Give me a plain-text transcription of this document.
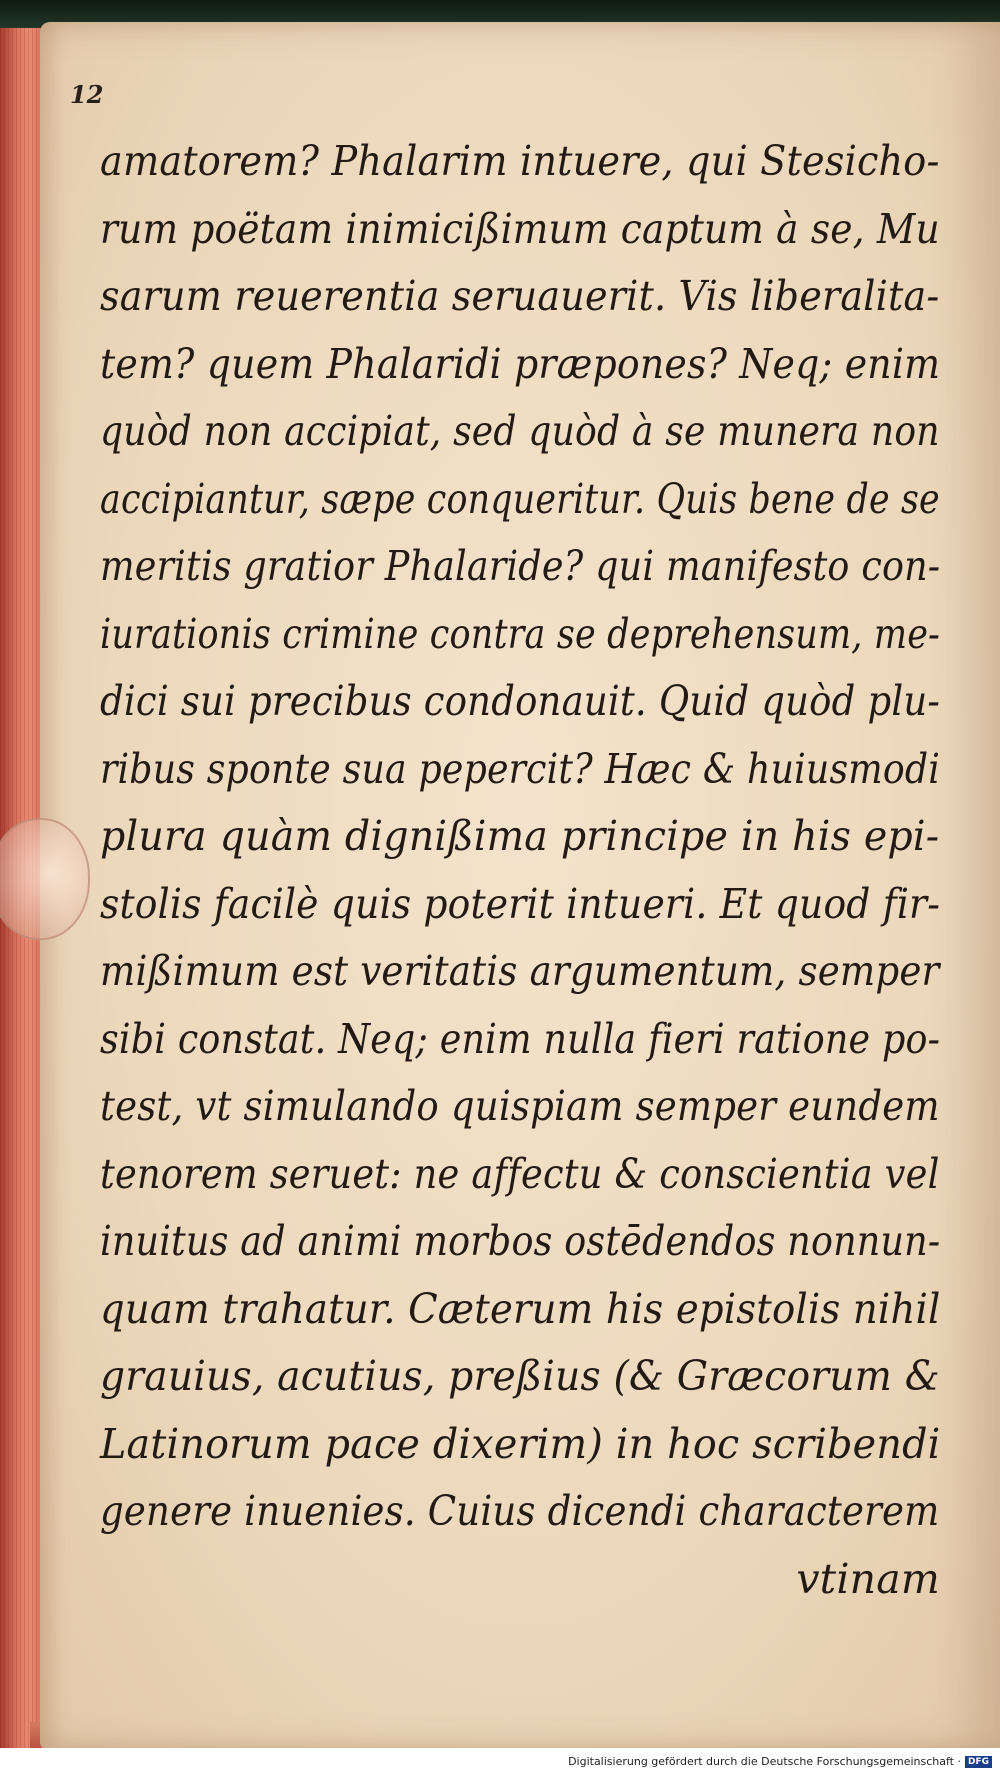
12

amatorem? Phalarim intuere, qui Stesicho-
rum poëtam inimicißimum captum à se, Mu
sarum reuerentia seruauerit. Vis liberalita-
tem? quem Phalaridi præpones? Neq; enim
quòd non accipiat, sed quòd à se munera non
accipiantur, sæpe conqueritur. Quis bene de se
meritis gratior Phalaride? qui manifesto con-
iurationis crimine contra se deprehensum, me-
dici sui precibus condonauit. Quid quòd plu-
ribus sponte sua pepercit? Hæc & huiusmodi
plura quàm dignißima principe in his epi-
stolis facilè quis poterit intueri. Et quod fir-
mißimum est veritatis argumentum, semper
sibi constat. Neq; enim nulla fieri ratione po-
test, vt simulando quispiam semper eundem
tenorem seruet: ne affectu & conscientia vel
inuitus ad animi morbos ostēdendos nonnun-
quam trahatur. Cæterum his epistolis nihil
grauius, acutius, preßius (& Græcorum &
Latinorum pace dixerim) in hoc scribendi
genere inuenies. Cuius dicendi characterem
vtinam
Digitalisierung gefördert durch die Deutsche Forschungsgemeinschaft · DFG
